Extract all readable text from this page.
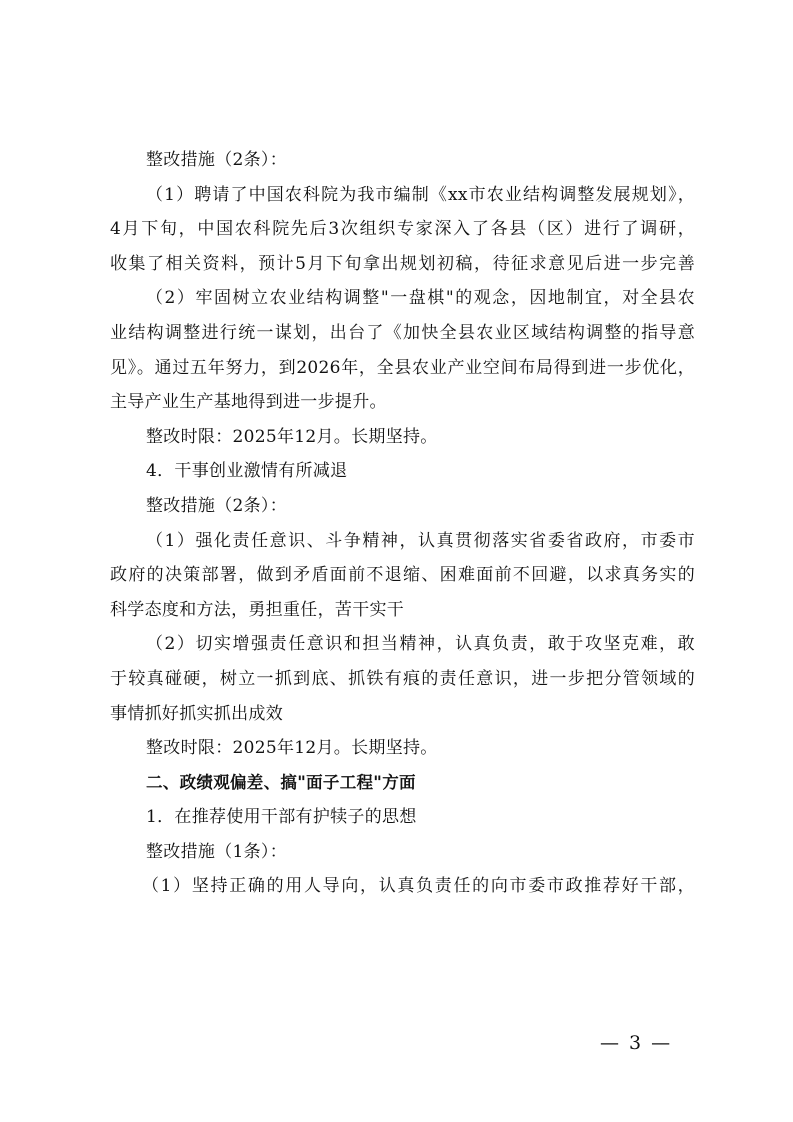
整改措施（2条）：
（1）聘请了中国农科院为我市编制《xx市农业结构调整发展规划》，
4月下旬，中国农科院先后3次组织专家深入了各县（区）进行了调研，
收集了相关资料，预计5月下旬拿出规划初稿，待征求意见后进一步完善
（2）牢固树立农业结构调整"一盘棋"的观念，因地制宜，对全县农
业结构调整进行统一谋划，出台了《加快全县农业区域结构调整的指导意
见》。通过五年努力，到2026年，全县农业产业空间布局得到进一步优化，
主导产业生产基地得到进一步提升。
整改时限：2025年12月。长期坚持。
4．干事创业激情有所减退
整改措施（2条）：
（1）强化责任意识、斗争精神，认真贯彻落实省委省政府，市委市
政府的决策部署，做到矛盾面前不退缩、困难面前不回避，以求真务实的
科学态度和方法，勇担重任，苦干实干
（2）切实增强责任意识和担当精神，认真负责，敢于攻坚克难，敢
于较真碰硬，树立一抓到底、抓铁有痕的责任意识，进一步把分管领域的
事情抓好抓实抓出成效
整改时限：2025年12月。长期坚持。
二、政绩观偏差、搞"面子工程"方面
1．在推荐使用干部有护犊子的思想
整改措施（1条）：
（1）坚持正确的用人导向，认真负责任的向市委市政推荐好干部，
— 3 —
